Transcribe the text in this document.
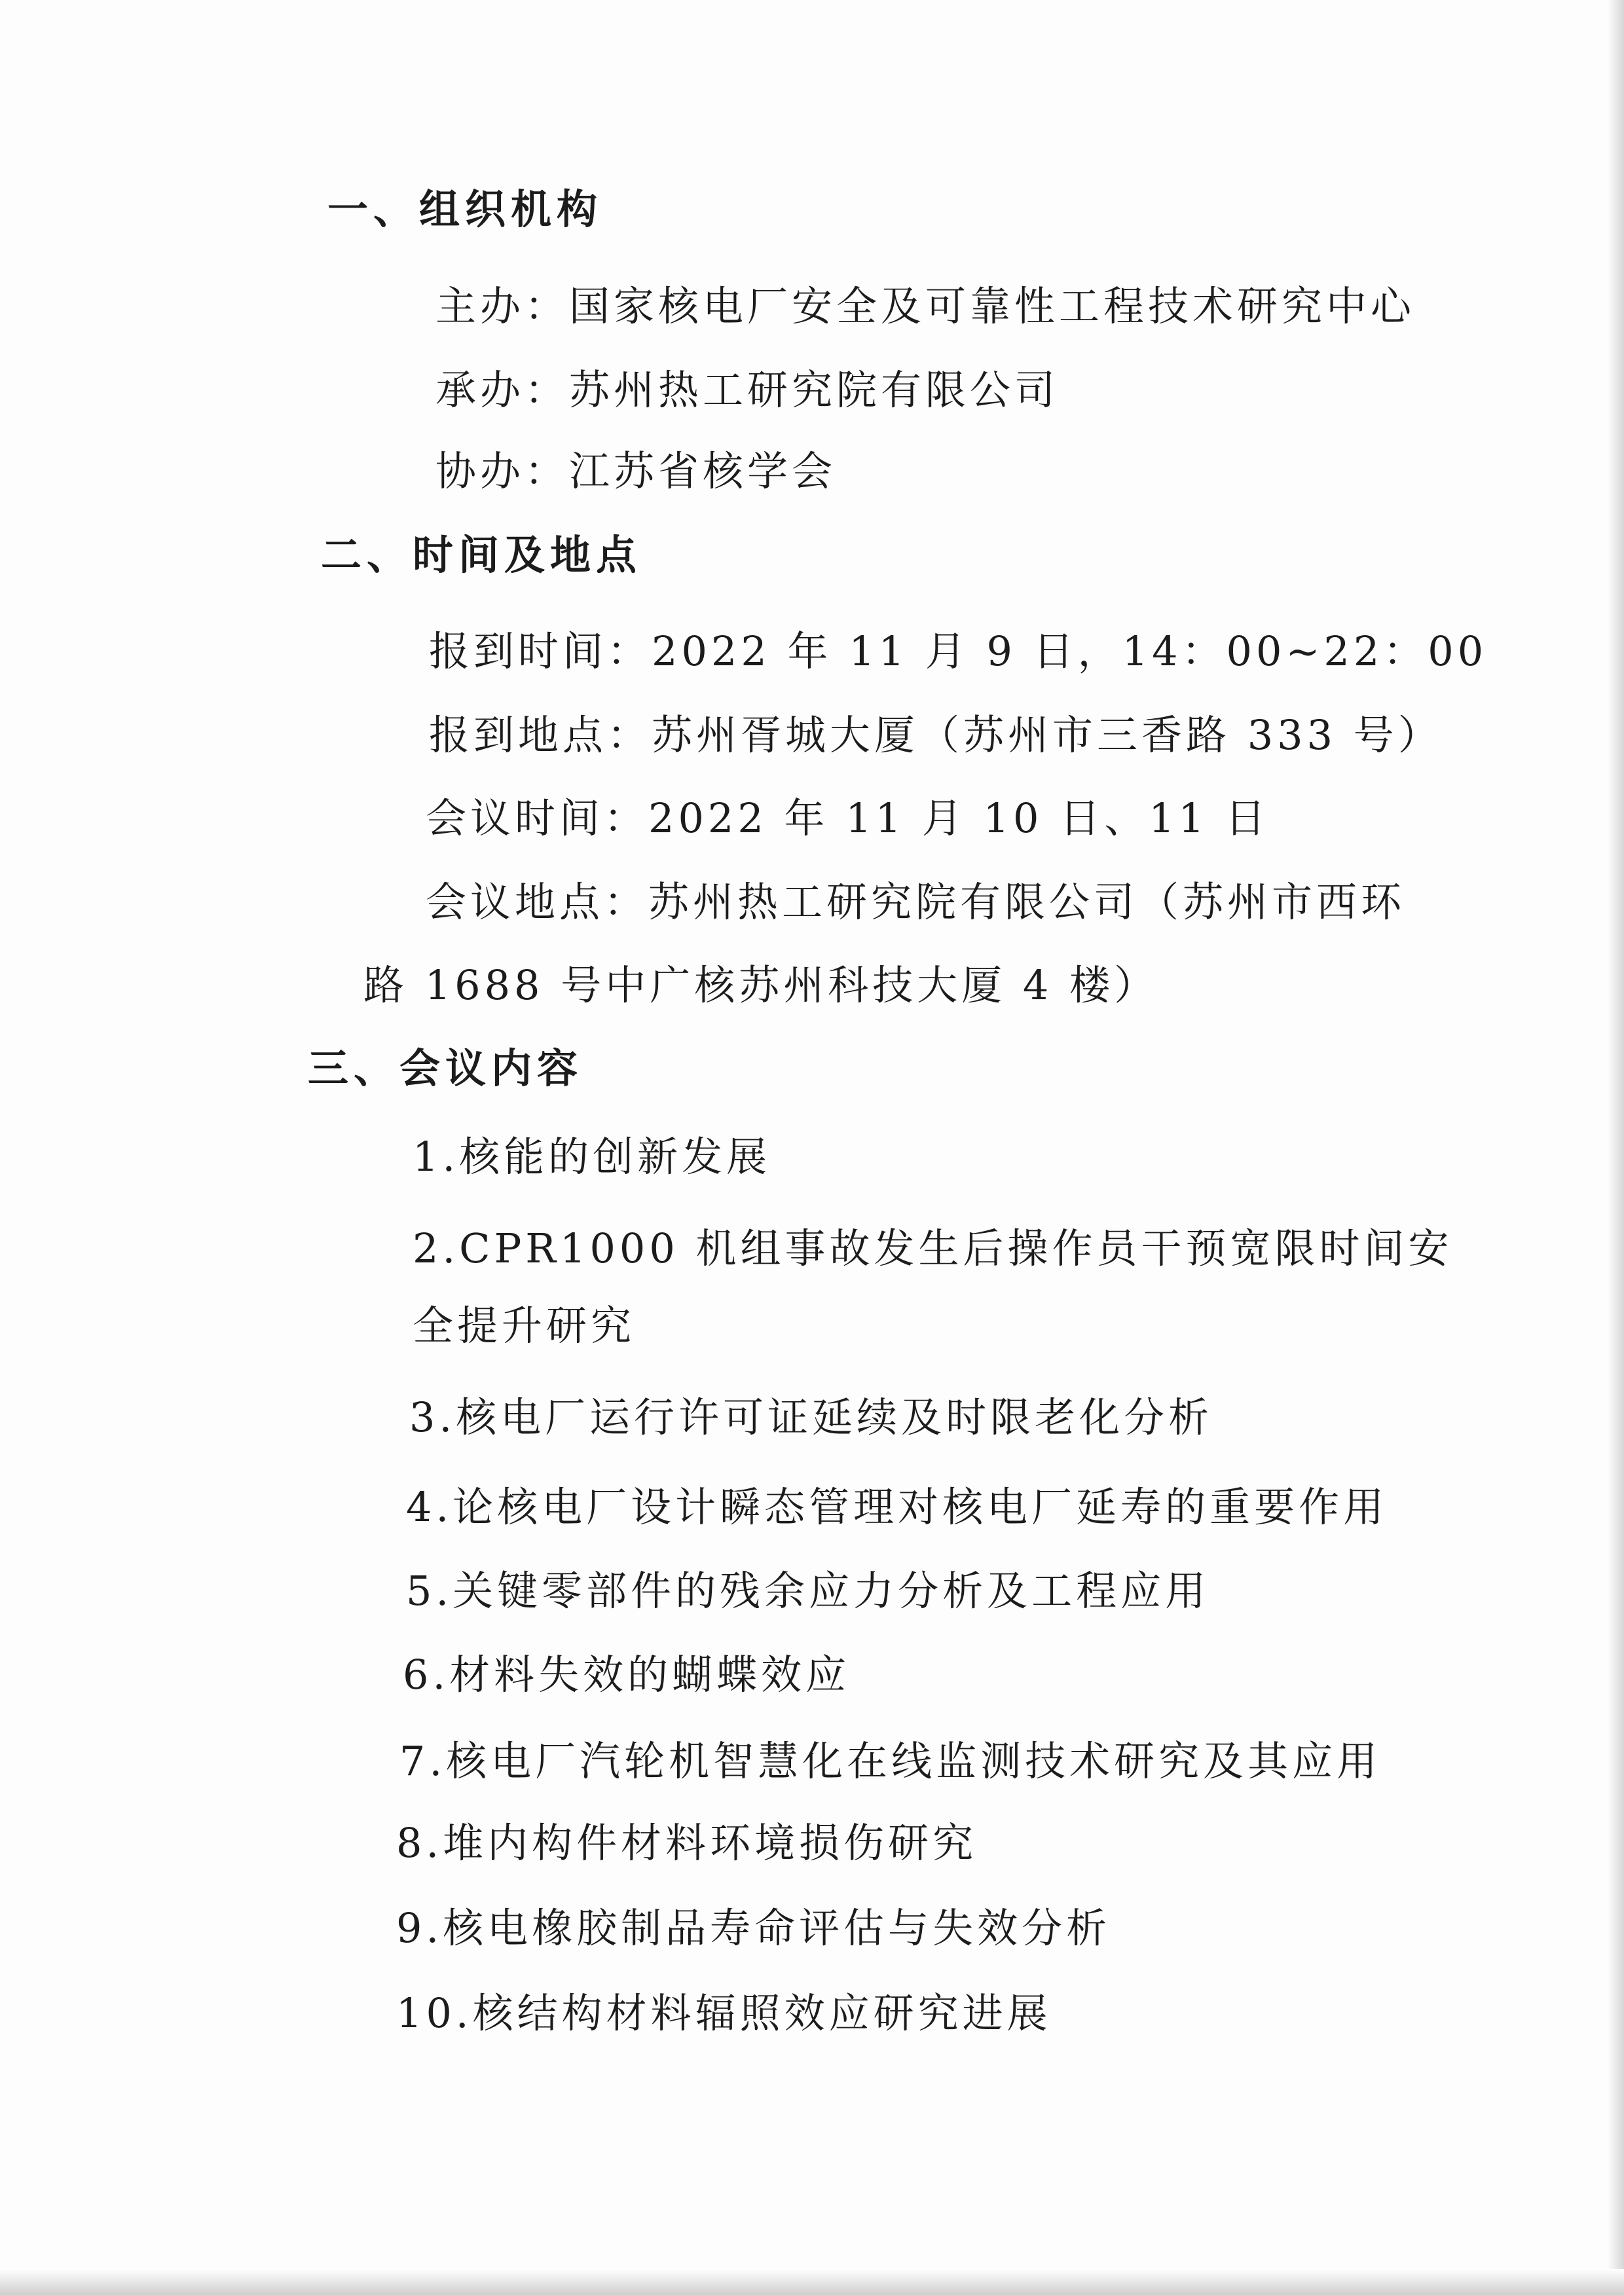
一、组织机构
主办：国家核电厂安全及可靠性工程技术研究中心
承办：苏州热工研究院有限公司
协办：江苏省核学会
二、时间及地点
报到时间：2022 年 11 月 9 日，14：00~22：00
报到地点：苏州胥城大厦（苏州市三香路 333 号）
会议时间：2022 年 11 月 10 日、11 日
会议地点：苏州热工研究院有限公司（苏州市西环
路 1688 号中广核苏州科技大厦 4 楼）
三、会议内容
1.核能的创新发展
2.CPR1000 机组事故发生后操作员干预宽限时间安
全提升研究
3.核电厂运行许可证延续及时限老化分析
4.论核电厂设计瞬态管理对核电厂延寿的重要作用
5.关键零部件的残余应力分析及工程应用
6.材料失效的蝴蝶效应
7.核电厂汽轮机智慧化在线监测技术研究及其应用
8.堆内构件材料环境损伤研究
9.核电橡胶制品寿命评估与失效分析
10.核结构材料辐照效应研究进展
